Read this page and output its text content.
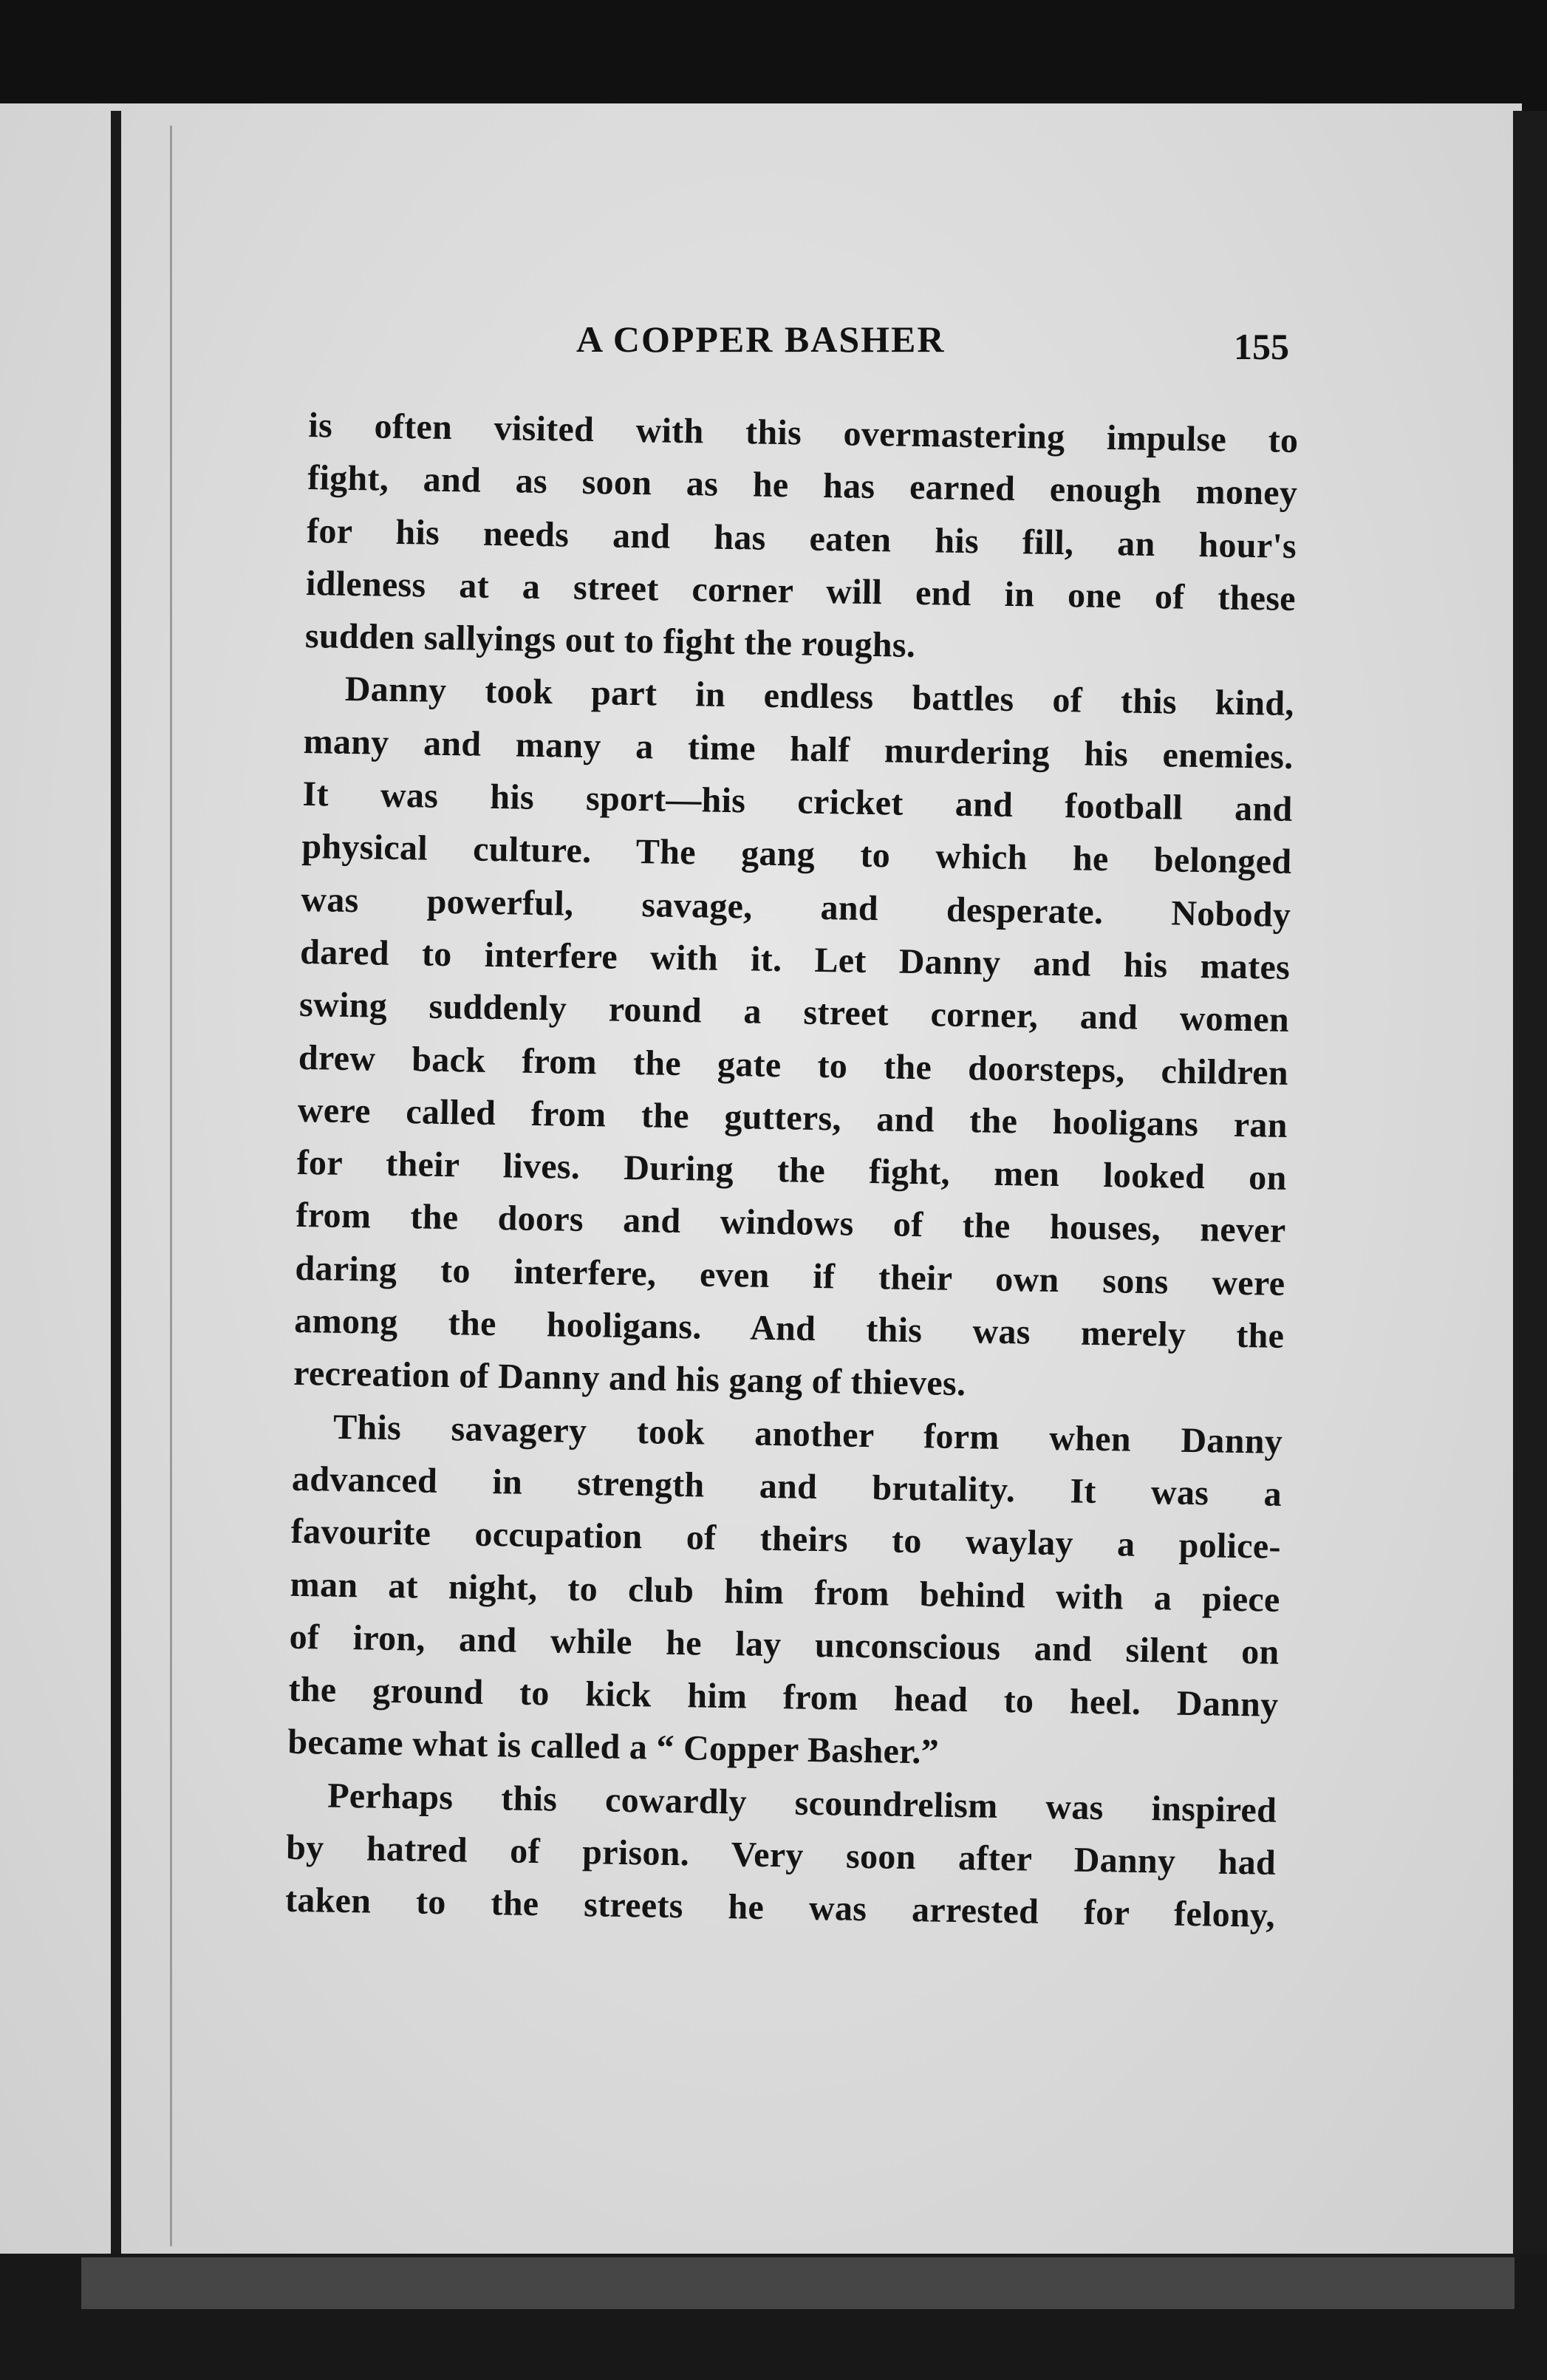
A COPPER BASHER	155

is often visited with this overmastering impulse to

fight, and as soon as he has earned enough money

for his needs and has eaten his fill, an hour's

idleness at a street corner will end in one of these

sudden sallyings out to fight the roughs.

Danny took part in endless battles of this kind,

many and many a time half murdering his enemies.

It was his sport—his cricket and football and

physical culture. The gang to which he belonged

was powerful, savage, and desperate. Nobody

dared to interfere with it. Let Danny and his mates

swing suddenly round a street corner, and women

drew back from the gate to the doorsteps, children

were called from the gutters, and the hooligans ran

for their lives. During the fight, men looked on

from the doors and windows of the houses, never

daring to interfere, even if their own sons were

among the hooligans. And this was merely the

recreation of Danny and his gang of thieves.

This savagery took another form when Danny

advanced in strength and brutality. It was a

favourite occupation of theirs to waylay a police-

man at night, to club him from behind with a piece

of iron, and while he lay unconscious and silent on

the ground to kick him from head to heel. Danny

became what is called a “ Copper Basher.”

Perhaps this cowardly scoundrelism was inspired

by hatred of prison. Very soon after Danny had

taken to the streets he was arrested for felony,
